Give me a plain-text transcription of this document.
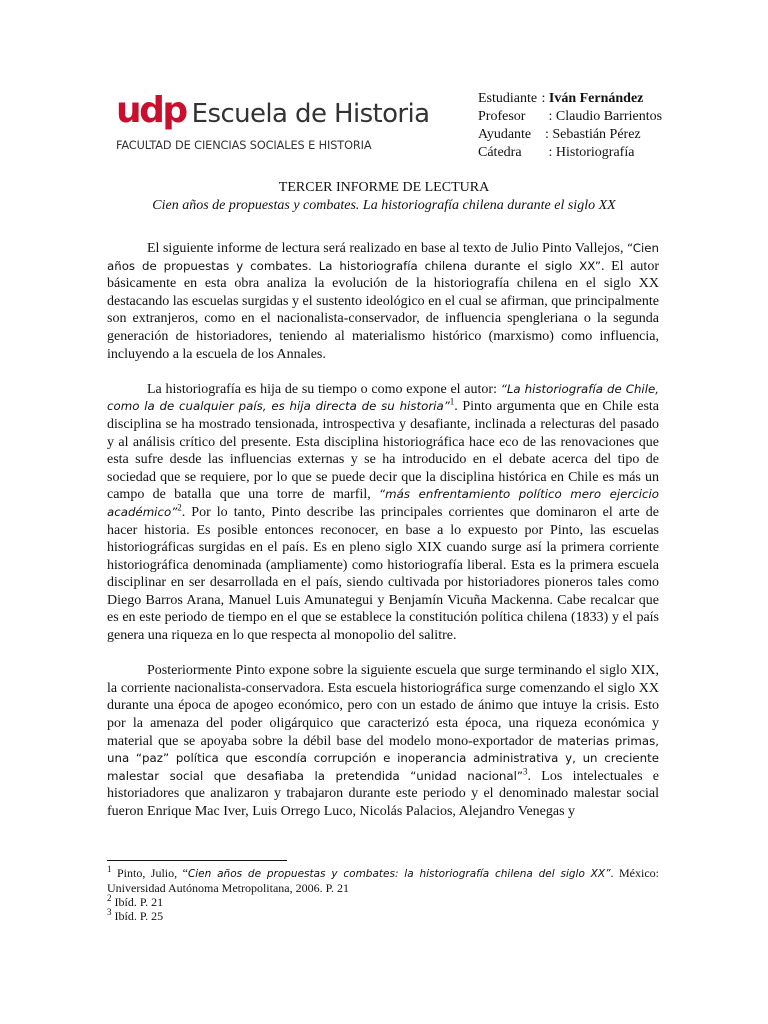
udp Escuela de Historia
FACULTAD DE CIENCIAS SOCIALES E HISTORIA
Estudiante : Iván Fernández
Profesor : Claudio Barrientos
Ayudante : Sebastián Pérez
Cátedra	: Historiografía
TERCER INFORME DE LECTURA
Cien años de propuestas y combates. La historiografía chilena durante el siglo XX

El siguiente informe de lectura será realizado en base al texto de Julio Pinto Vallejos, “Cien años de propuestas y combates. La historiografía chilena durante el siglo XX”. El autor básicamente en esta obra analiza la evolución de la historiografía chilena en el siglo XX destacando las escuelas surgidas y el sustento ideológico en el cual se afirman, que principalmente son extranjeros, como en el nacionalista-conservador, de influencia spengleriana o la segunda generación de historiadores, teniendo al materialismo histórico (marxismo) como influencia, incluyendo a la escuela de los Annales.

La historiografía es hija de su tiempo o como expone el autor: “La historiografía de Chile, como la de cualquier país, es hija directa de su historia”$^1$. Pinto argumenta que en Chile esta disciplina se ha mostrado tensionada, introspectiva y desafiante, inclinada a relecturas del pasado y al análisis crítico del presente. Esta disciplina historiográfica hace eco de las renovaciones que esta sufre desde las influencias externas y se ha introducido en el debate acerca del tipo de sociedad que se requiere, por lo que se puede decir que la disciplina histórica en Chile es más un campo de batalla que una torre de marfil, “más enfrentamiento político mero ejercicio académico”$^2$. Por lo tanto, Pinto describe las principales corrientes que dominaron el arte de hacer historia. Es posible entonces reconocer, en base a lo expuesto por Pinto, las escuelas historiográficas surgidas en el país. Es en pleno siglo XIX cuando surge así la primera corriente historiográfica denominada (ampliamente) como historiografía liberal. Esta es la primera escuela disciplinar en ser desarrollada en el país, siendo cultivada por historiadores pioneros tales como Diego Barros Arana, Manuel Luis Amunategui y Benjamín Vicuña Mackenna. Cabe recalcar que es en este periodo de tiempo en el que se establece la constitución política chilena (1833) y el país genera una riqueza en lo que respecta al monopolio del salitre.

Posteriormente Pinto expone sobre la siguiente escuela que surge terminando el siglo XIX, la corriente nacionalista-conservadora. Esta escuela historiográfica surge comenzando el siglo XX durante una época de apogeo económico, pero con un estado de ánimo que intuye la crisis. Esto por la amenaza del poder oligárquico que caracterizó esta época, una riqueza económica y material que se apoyaba sobre la débil base del modelo mono-exportador de materias primas, una “paz” política que escondía corrupción e inoperancia administrativa y, un creciente malestar social que desafiaba la pretendida “unidad nacional”$^3$. Los intelectuales e historiadores que analizaron y trabajaron durante este periodo y el denominado malestar social fueron Enrique Mac Iver, Luis Orrego Luco, Nicolás Palacios, Alejandro Venegas y

$^1$ Pinto, Julio, “Cien años de propuestas y combates: la historiografía chilena del siglo XX”. México: Universidad Autónoma Metropolitana, 2006. P. 21

$^2$ Ibíd. P. 21

$^3$ Ibíd. P. 25
